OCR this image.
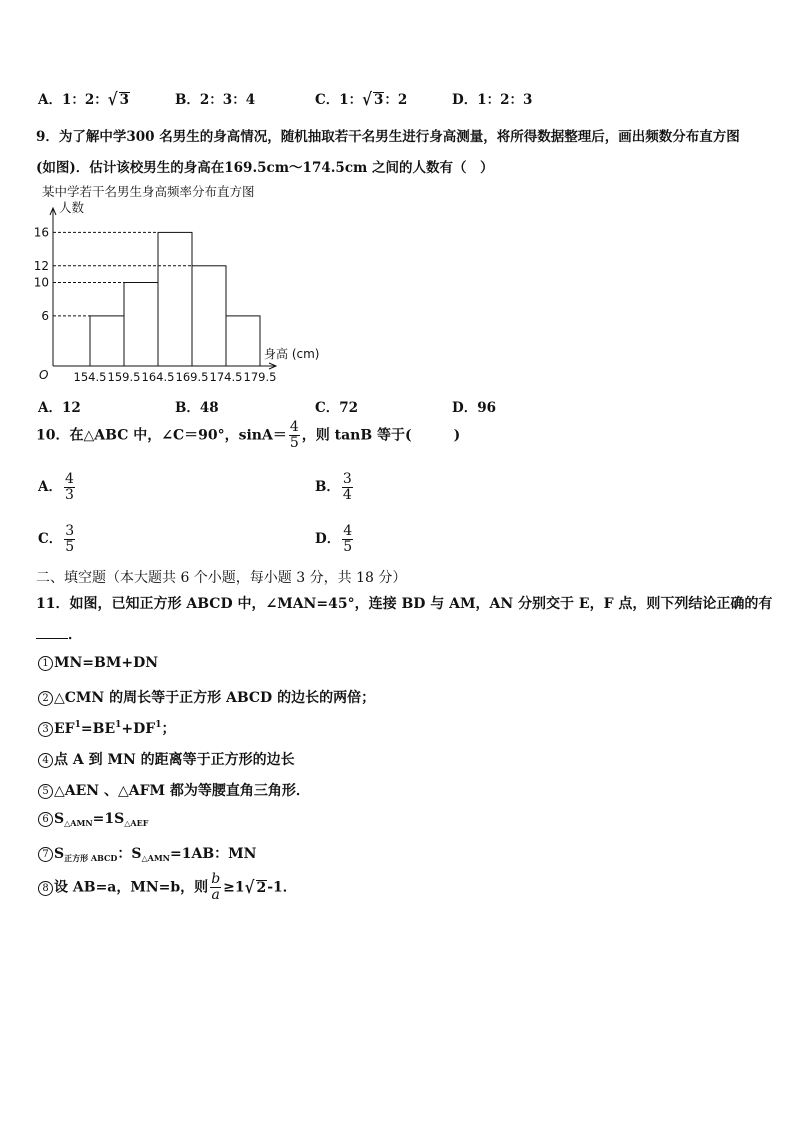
A．1：2：√ 3	B．2：3：4	C．1：√ 3：2	D．1：2：3
9．为了解中学300 名男生的身高情况，随机抽取若干名男生进行身高测量，将所得数据整理后，画出频数分布直方图
(如图)．估计该校男生的身高在169.5cm～174.5cm 之间的人数有（　）
某中学若干名男生身高频率分布直方图
人数
身高 (cm)
O
6
10
12
16
154.5 159.5 164.5 169.5 174.5 179.5
A．12	B．48	C．72	D．96
10．在△ABC 中，∠C＝90°，$\sin A= \frac{4}{5}$ ，则 tanB 等于(　　　)
A． $\frac{4}{3}$	B． $\frac{3}{4}$
C． $\frac{3}{5}$	D． $\frac{4}{5}$
二、填空题（本大题共 6 个小题，每小题 3 分，共 18 分）
11．如图，已知正方形 ABCD 中，∠MAN=45°，连接 BD 与 AM，AN 分别交于 E，F 点，则下列结论正确的有
．
1 MN=BM+DN
2 △CMN 的周长等于正方形 ABCD 的边长的两倍；
3 $EF^1=BE^1+DF^1$；
4 点 A 到 MN 的距离等于正方形的边长
5 △AEN 、△AFM 都为等腰直角三角形．
6 $S_{\triangle AMN}=1S_{\triangle AEF}$
7 $S_{正方形 ABCD}$：$S_{\triangle AMN}=1AB$：MN
8 设 AB=a，MN=b，则 $\frac{b}{a} \ge 1√$ 2-1．
